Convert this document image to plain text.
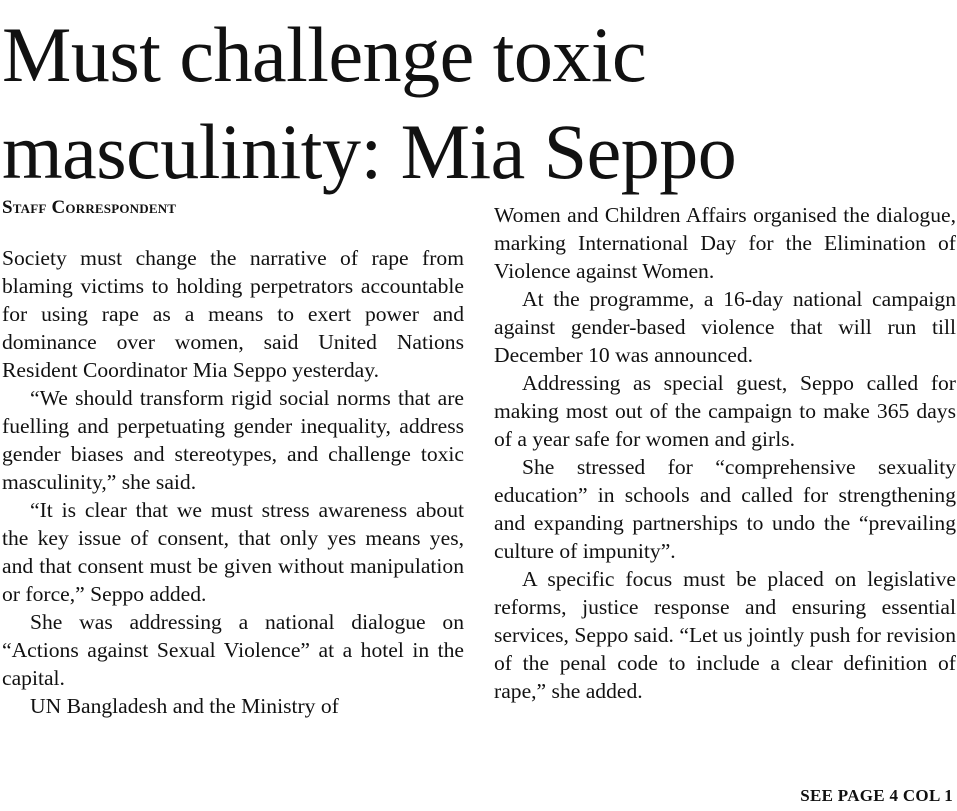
Must challenge toxic
masculinity: Mia Seppo
Staff Correspondent

Society must change the narrative of rape from blaming victims to holding perpetrators accountable for using rape as a means to exert power and dominance over women, said United Nations Resident Coordinator Mia Seppo yesterday.

“We should transform rigid social norms that are fuelling and perpetuating gender inequality, address gender biases and stereotypes, and challenge toxic masculinity,” she said.

“It is clear that we must stress awareness about the key issue of consent, that only yes means yes, and that consent must be given without manipulation or force,” Seppo added.

She was addressing a national dialogue on “Actions against Sexual Violence” at a hotel in the capital.

UN Bangladesh and the Ministry of

Women and Children Affairs organised the dialogue, marking International Day for the Elimination of Violence against Women.

At the programme, a 16-day national campaign against gender-based violence that will run till December 10 was announced.

Addressing as special guest, Seppo called for making most out of the campaign to make 365 days of a year safe for women and girls.

She stressed for “comprehensive sexuality education” in schools and called for strengthening and expanding partnerships to undo the “prevailing culture of impunity”.

A specific focus must be placed on legislative reforms, justice response and ensuring essential services, Seppo said. “Let us jointly push for revision of the penal code to include a clear definition of rape,” she added.

SEE PAGE 4 COL 1
